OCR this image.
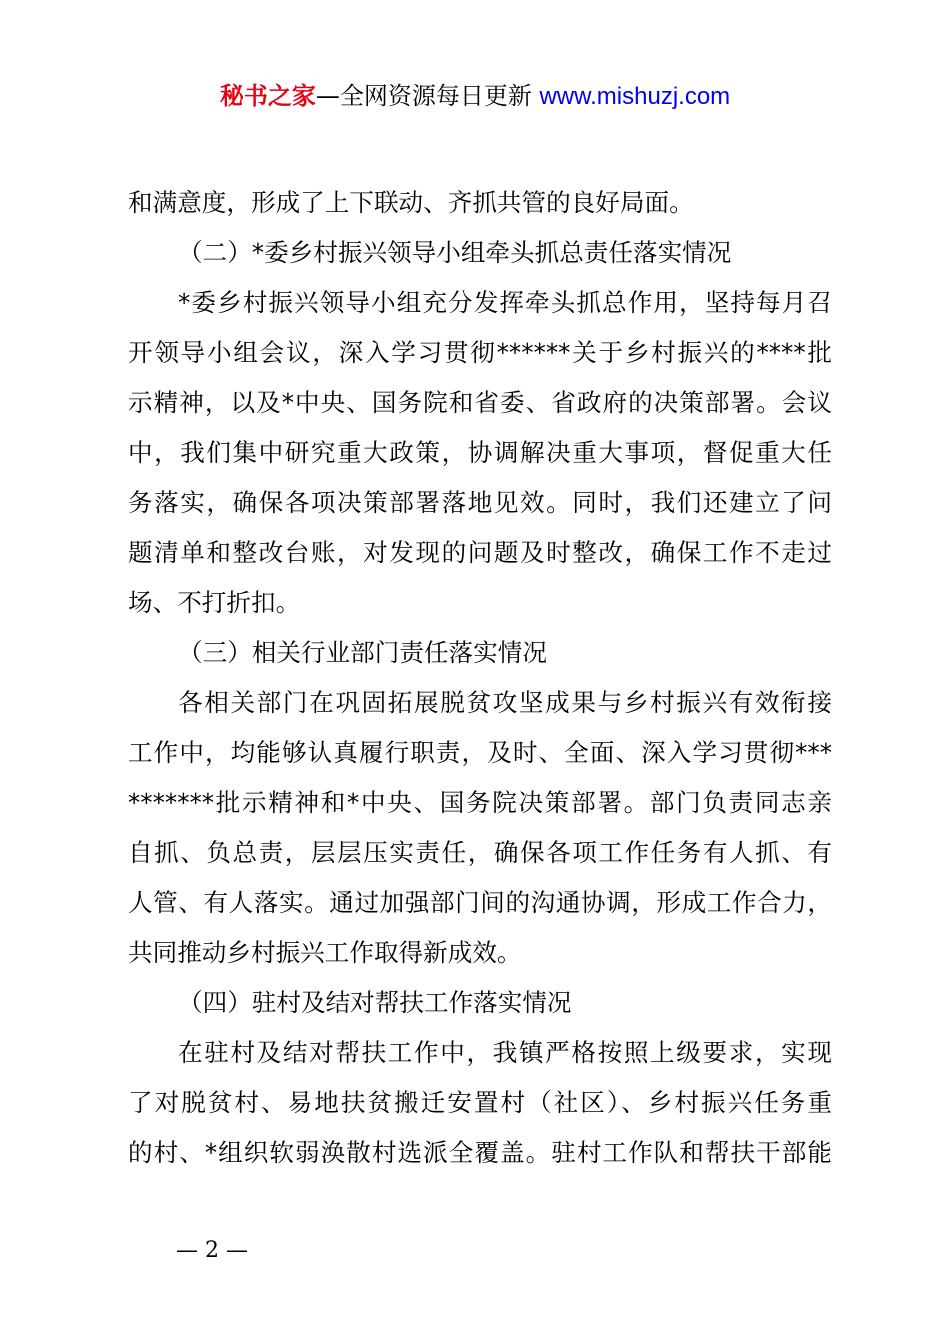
秘书之家—全网资源每日更新 www.mishuzj.com
和满意度，形成了上下联动、齐抓共管的良好局面。
（二）*委乡村振兴领导小组牵头抓总责任落实情况
*委乡村振兴领导小组充分发挥牵头抓总作用，坚持每月召
开领导小组会议，深入学习贯彻******关于乡村振兴的****批
示精神，以及*中央、国务院和省委、省政府的决策部署。会议
中，我们集中研究重大政策，协调解决重大事项，督促重大任
务落实，确保各项决策部署落地见效。同时，我们还建立了问
题清单和整改台账，对发现的问题及时整改，确保工作不走过
场、不打折扣。
（三）相关行业部门责任落实情况
各相关部门在巩固拓展脱贫攻坚成果与乡村振兴有效衔接
工作中，均能够认真履行职责，及时、全面、深入学习贯彻***
*******批示精神和*中央、国务院决策部署。部门负责同志亲
自抓、负总责，层层压实责任，确保各项工作任务有人抓、有
人管、有人落实。通过加强部门间的沟通协调，形成工作合力，
共同推动乡村振兴工作取得新成效。
（四）驻村及结对帮扶工作落实情况
在驻村及结对帮扶工作中，我镇严格按照上级要求，实现
了对脱贫村、易地扶贫搬迁安置村（社区）、乡村振兴任务重
的村、*组织软弱涣散村选派全覆盖。驻村工作队和帮扶干部能
— 2 —
